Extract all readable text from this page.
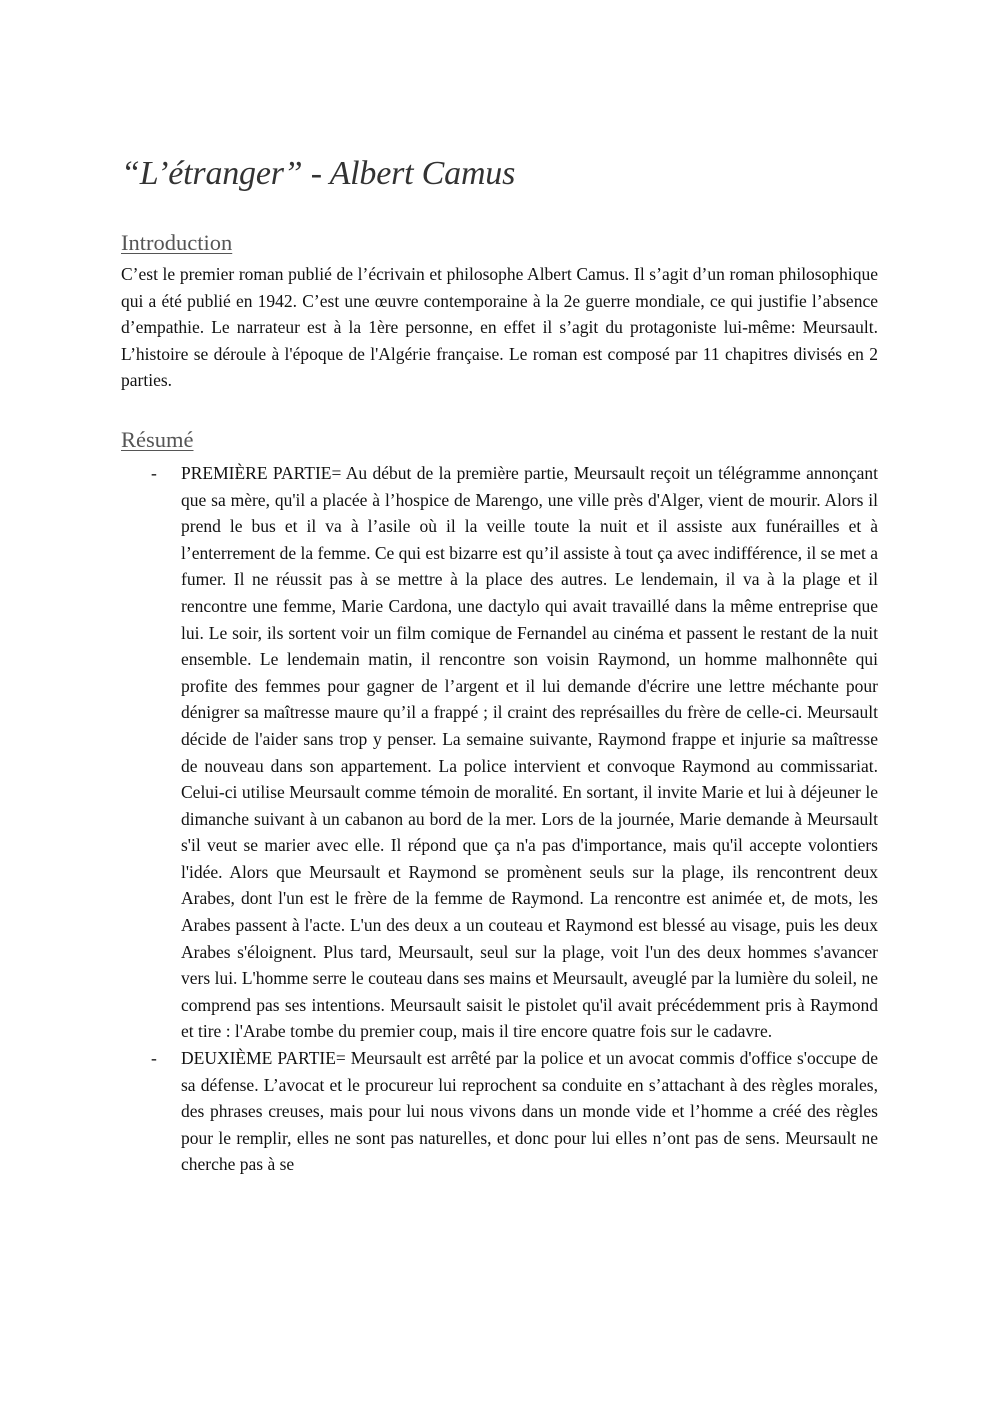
“L’étranger” - Albert Camus
Introduction

C’est le premier roman publié de l’écrivain et philosophe Albert Camus. Il s’agit d’un roman philosophique qui a été publié en 1942. C’est une œuvre contemporaine à la 2e guerre mondiale, ce qui justifie l’absence d’empathie. Le narrateur est à la 1ère personne, en effet il s’agit du protagoniste lui-même: Meursault. L’histoire se déroule à l'époque de l'Algérie française. Le roman est composé par 11 chapitres divisés en 2 parties.

Résumé
- PREMIÈRE PARTIE= Au début de la première partie, Meursault reçoit un télégramme annonçant que sa mère, qu'il a placée à l’hospice de Marengo, une ville près d'Alger, vient de mourir. Alors il prend le bus et il va à l’asile où il la veille toute la nuit et il assiste aux funérailles et à l’enterrement de la femme. Ce qui est bizarre est qu’il assiste à tout ça avec indifférence, il se met a fumer. Il ne réussit pas à se mettre à la place des autres. Le lendemain, il va à la plage et il rencontre une femme, Marie Cardona, une dactylo qui avait travaillé dans la même entreprise que lui. Le soir, ils sortent voir un film comique de Fernandel au cinéma et passent le restant de la nuit ensemble. Le lendemain matin, il rencontre son voisin Raymond, un homme malhonnête qui profite des femmes pour gagner de l’argent et il lui demande d'écrire une lettre méchante pour dénigrer sa maîtresse maure qu’il a frappé ; il craint des représailles du frère de celle-ci. Meursault décide de l'aider sans trop y penser. La semaine suivante, Raymond frappe et injurie sa maîtresse de nouveau dans son appartement. La police intervient et convoque Raymond au commissariat. Celui-ci utilise Meursault comme témoin de moralité. En sortant, il invite Marie et lui à déjeuner le dimanche suivant à un cabanon au bord de la mer. Lors de la journée, Marie demande à Meursault s'il veut se marier avec elle. Il répond que ça n'a pas d'importance, mais qu'il accepte volontiers l'idée. Alors que Meursault et Raymond se promènent seuls sur la plage, ils rencontrent deux Arabes, dont l'un est le frère de la femme de Raymond. La rencontre est animée et, de mots, les Arabes passent à l'acte. L'un des deux a un couteau et Raymond est blessé au visage, puis les deux Arabes s'éloignent. Plus tard, Meursault, seul sur la plage, voit l'un des deux hommes s'avancer vers lui. L'homme serre le couteau dans ses mains et Meursault, aveuglé par la lumière du soleil, ne comprend pas ses intentions. Meursault saisit le pistolet qu'il avait précédemment pris à Raymond et tire : l'Arabe tombe du premier coup, mais il tire encore quatre fois sur le cadavre.
- DEUXIÈME PARTIE= Meursault est arrêté par la police et un avocat commis d'office s'occupe de sa défense. L’avocat et le procureur lui reprochent sa conduite en s’attachant à des règles morales, des phrases creuses, mais pour lui nous vivons dans un monde vide et l’homme a créé des règles pour le remplir, elles ne sont pas naturelles, et donc pour lui elles n’ont pas de sens. Meursault ne cherche pas à se
